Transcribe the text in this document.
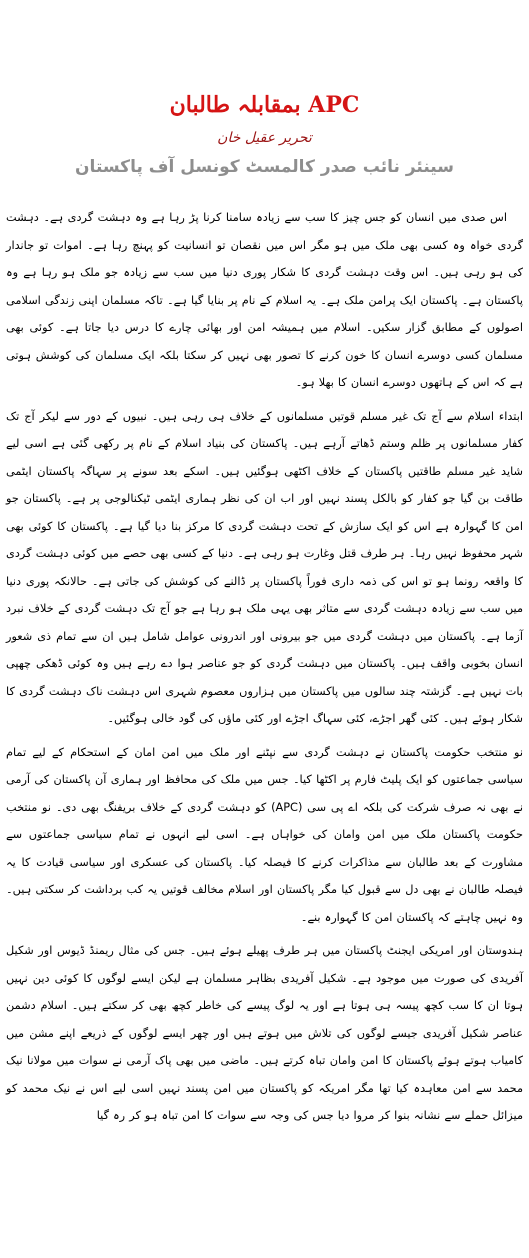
APC بمقابلہ طالبان

تحریر عقیل خان

سینئر نائب صدر کالمسٹ کونسل آف پاکستان

اس صدی میں انسان کو جس چیز کا سب سے زیادہ سامنا کرنا پڑ رہا ہے وہ دہشت گردی ہے۔ دہشت گردی خواہ وہ کسی بھی ملک میں ہو مگر اس میں نقصان تو انسانیت کو پہنچ رہا ہے۔ اموات تو جاندار کی ہو رہی ہیں۔ اس وقت دہشت گردی کا شکار پوری دنیا میں سب سے زیادہ جو ملک ہو رہا ہے وہ پاکستان ہے۔ پاکستان ایک پرامن ملک ہے۔ یہ اسلام کے نام پر بنایا گیا ہے۔ تاکہ مسلمان اپنی زندگی اسلامی اصولوں کے مطابق گزار سکیں۔ اسلام میں ہمیشہ امن اور بھائی چارے کا درس دیا جاتا ہے۔ کوئی بھی مسلمان کسی دوسرے انسان کا خون کرنے کا تصور بھی نہیں کر سکتا بلکہ ایک مسلمان کی کوشش ہوتی ہے کہ اس کے ہاتھوں دوسرے انسان کا بھلا ہو۔

ابتداء اسلام سے آج تک غیر مسلم قوتیں مسلمانوں کے خلاف ہی رہی ہیں۔ نبیوں کے دور سے لیکر آج تک کفار مسلمانوں پر ظلم وستم ڈھاتے آرہے ہیں۔ پاکستان کی بنیاد اسلام کے نام پر رکھی گئی ہے اسی لیے شاید غیر مسلم طاقتیں پاکستان کے خلاف اکٹھی ہوگئیں ہیں۔ اسکے بعد سونے پر سہاگہ پاکستان ایٹمی طاقت بن گیا جو کفار کو بالکل پسند نہیں اور اب ان کی نظر ہماری ایٹمی ٹیکنالوجی پر ہے۔ پاکستان جو امن کا گہوارہ ہے اس کو ایک سازش کے تحت دہشت گردی کا مرکز بنا دیا گیا ہے۔ پاکستان کا کوئی بھی شہر محفوظ نہیں رہا۔ ہر طرف قتل وغارت ہو رہی ہے۔ دنیا کے کسی بھی حصے میں کوئی دہشت گردی کا واقعہ رونما ہو تو اس کی ذمہ داری فوراً پاکستان پر ڈالنے کی کوشش کی جاتی ہے۔ حالانکہ پوری دنیا میں سب سے زیادہ دہشت گردی سے متاثر بھی یہی ملک ہو رہا ہے جو آج تک دہشت گردی کے خلاف نبرد آزما ہے۔ پاکستان میں دہشت گردی میں جو بیرونی اور اندرونی عوامل شامل ہیں ان سے تمام ذی شعور انسان بخوبی واقف ہیں۔ پاکستان میں دہشت گردی کو جو عناصر ہوا دے رہے ہیں وہ کوئی ڈھکی چھپی بات نہیں ہے۔ گزشتہ چند سالوں میں پاکستان میں ہزاروں معصوم شہری اس دہشت ناک دہشت گردی کا شکار ہوئے ہیں۔ کئی گھر اجڑے، کئی سہاگ اجڑے اور کئی ماؤں کی گود خالی ہوگئیں۔

نو منتخب حکومت پاکستان نے دہشت گردی سے نپٹنے اور ملک میں امن امان کے استحکام کے لیے تمام سیاسی جماعتوں کو ایک پلیٹ فارم پر اکٹھا کیا۔ جس میں ملک کی محافظ اور ہماری آن پاکستان کی آرمی نے بھی نہ صرف شرکت کی بلکہ اے پی سی (APC) کو دہشت گردی کے خلاف بریفنگ بھی دی۔ نو منتخب حکومت پاکستان ملک میں امن وامان کی خواہاں ہے۔ اسی لیے انہوں نے تمام سیاسی جماعتوں سے مشاورت کے بعد طالبان سے مذاکرات کرنے کا فیصلہ کیا۔ پاکستان کی عسکری اور سیاسی قیادت کا یہ فیصلہ طالبان نے بھی دل سے قبول کیا مگر پاکستان اور اسلام مخالف قوتیں یہ کب برداشت کر سکتی ہیں۔ وہ نہیں چاہتے کہ پاکستان امن کا گہوارہ بنے۔

ہندوستان اور امریکی ایجنٹ پاکستان میں ہر طرف پھیلے ہوئے ہیں۔ جس کی مثال ریمنڈ ڈیوس اور شکیل آفریدی کی صورت میں موجود ہے۔ شکیل آفریدی بظاہر مسلمان ہے لیکن ایسے لوگوں کا کوئی دین نہیں ہوتا ان کا سب کچھ پیسہ ہی ہوتا ہے اور یہ لوگ پیسے کی خاطر کچھ بھی کر سکتے ہیں۔ اسلام دشمن عناصر شکیل آفریدی جیسے لوگوں کی تلاش میں ہوتے ہیں اور چھر ایسے لوگوں کے ذریعے اپنے مشن میں کامیاب ہوتے ہوئے پاکستان کا امن وامان تباہ کرتے ہیں۔ ماضی میں بھی پاک آرمی نے سوات میں مولانا نیک محمد سے امن معاہدہ کیا تھا مگر امریکہ کو پاکستان میں امن پسند نہیں اسی لیے اس نے نیک محمد کو میزائل حملے سے نشانہ بنوا کر مروا دیا جس کی وجہ سے سوات کا امن تباہ ہو کر رہ گیا
